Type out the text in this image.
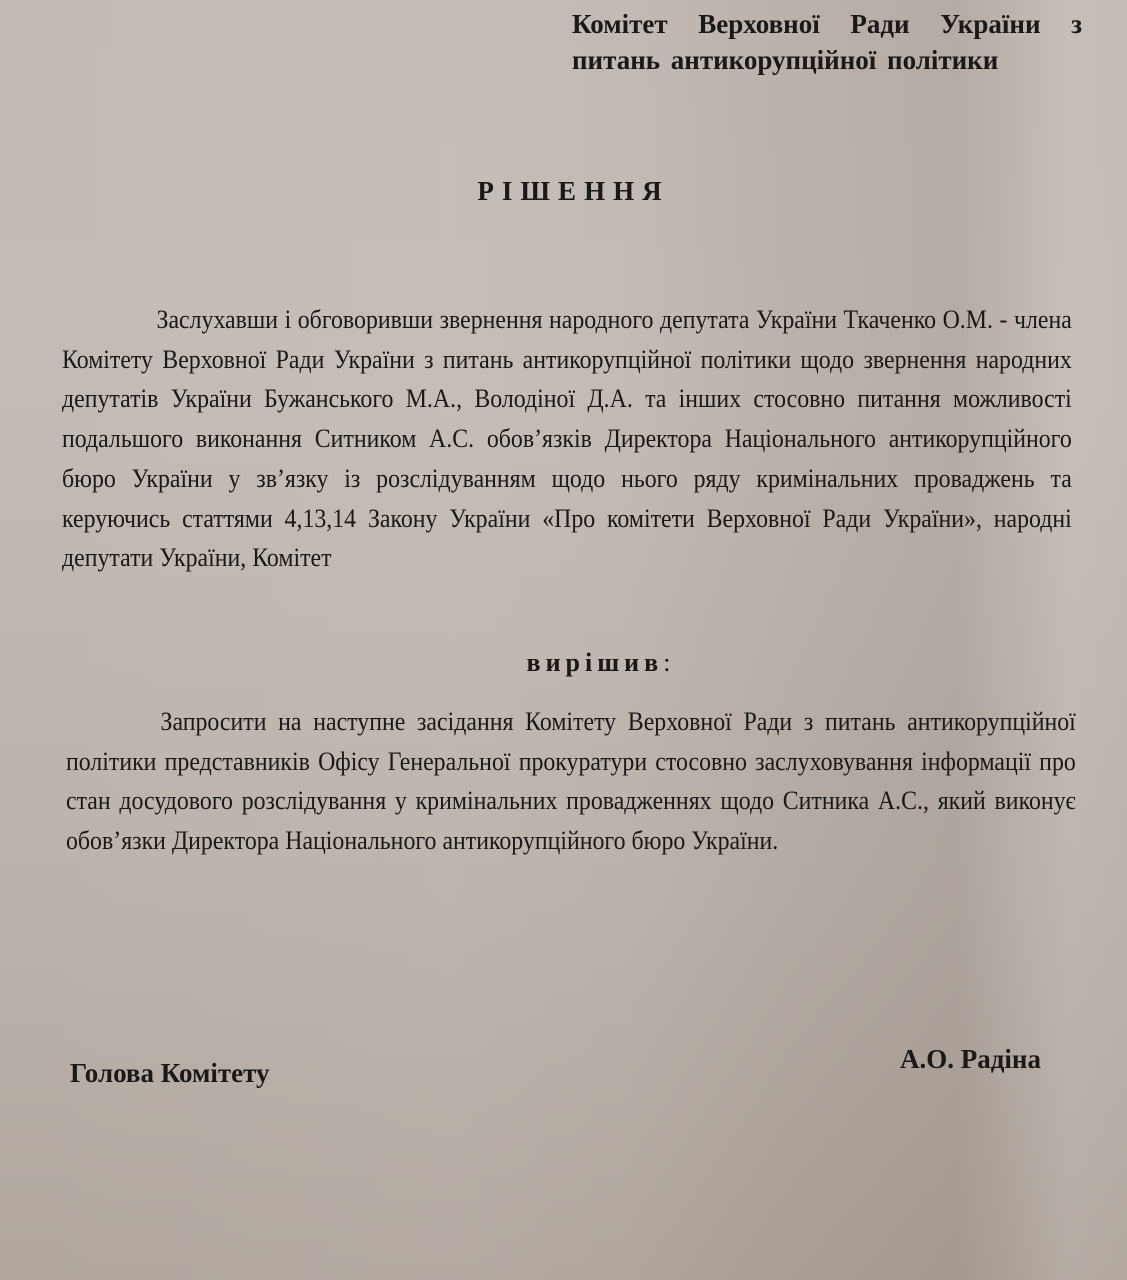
Комітет Верховної Ради України з
питань антикорупційної політики
РІШЕННЯ

Заслухавши і обговоривши звернення народного депутата України Ткаченко О.М. - члена Комітету Верховної Ради України з питань антикорупційної політики щодо звернення народних депутатів України Бужанського М.А., Володіної Д.А. та інших стосовно питання можливості подальшого виконання Ситником А.С. обов’язків Директора Національного антикорупційного бюро України у зв’язку із розслідуванням щодо нього ряду кримінальних проваджень та керуючись статтями 4,13,14 Закону України «Про комітети Верховної Ради України», народні депутати України, Комітет

вирішив:

Запросити на наступне засідання Комітету Верховної Ради з питань антикорупційної політики представників Офісу Генеральної прокуратури стосовно заслуховування інформації про стан досудового розслідування у кримінальних провадженнях щодо Ситника А.С., який виконує обов’язки Директора Національного антикорупційного бюро України.

Голова Комітету	А.О. Радіна
